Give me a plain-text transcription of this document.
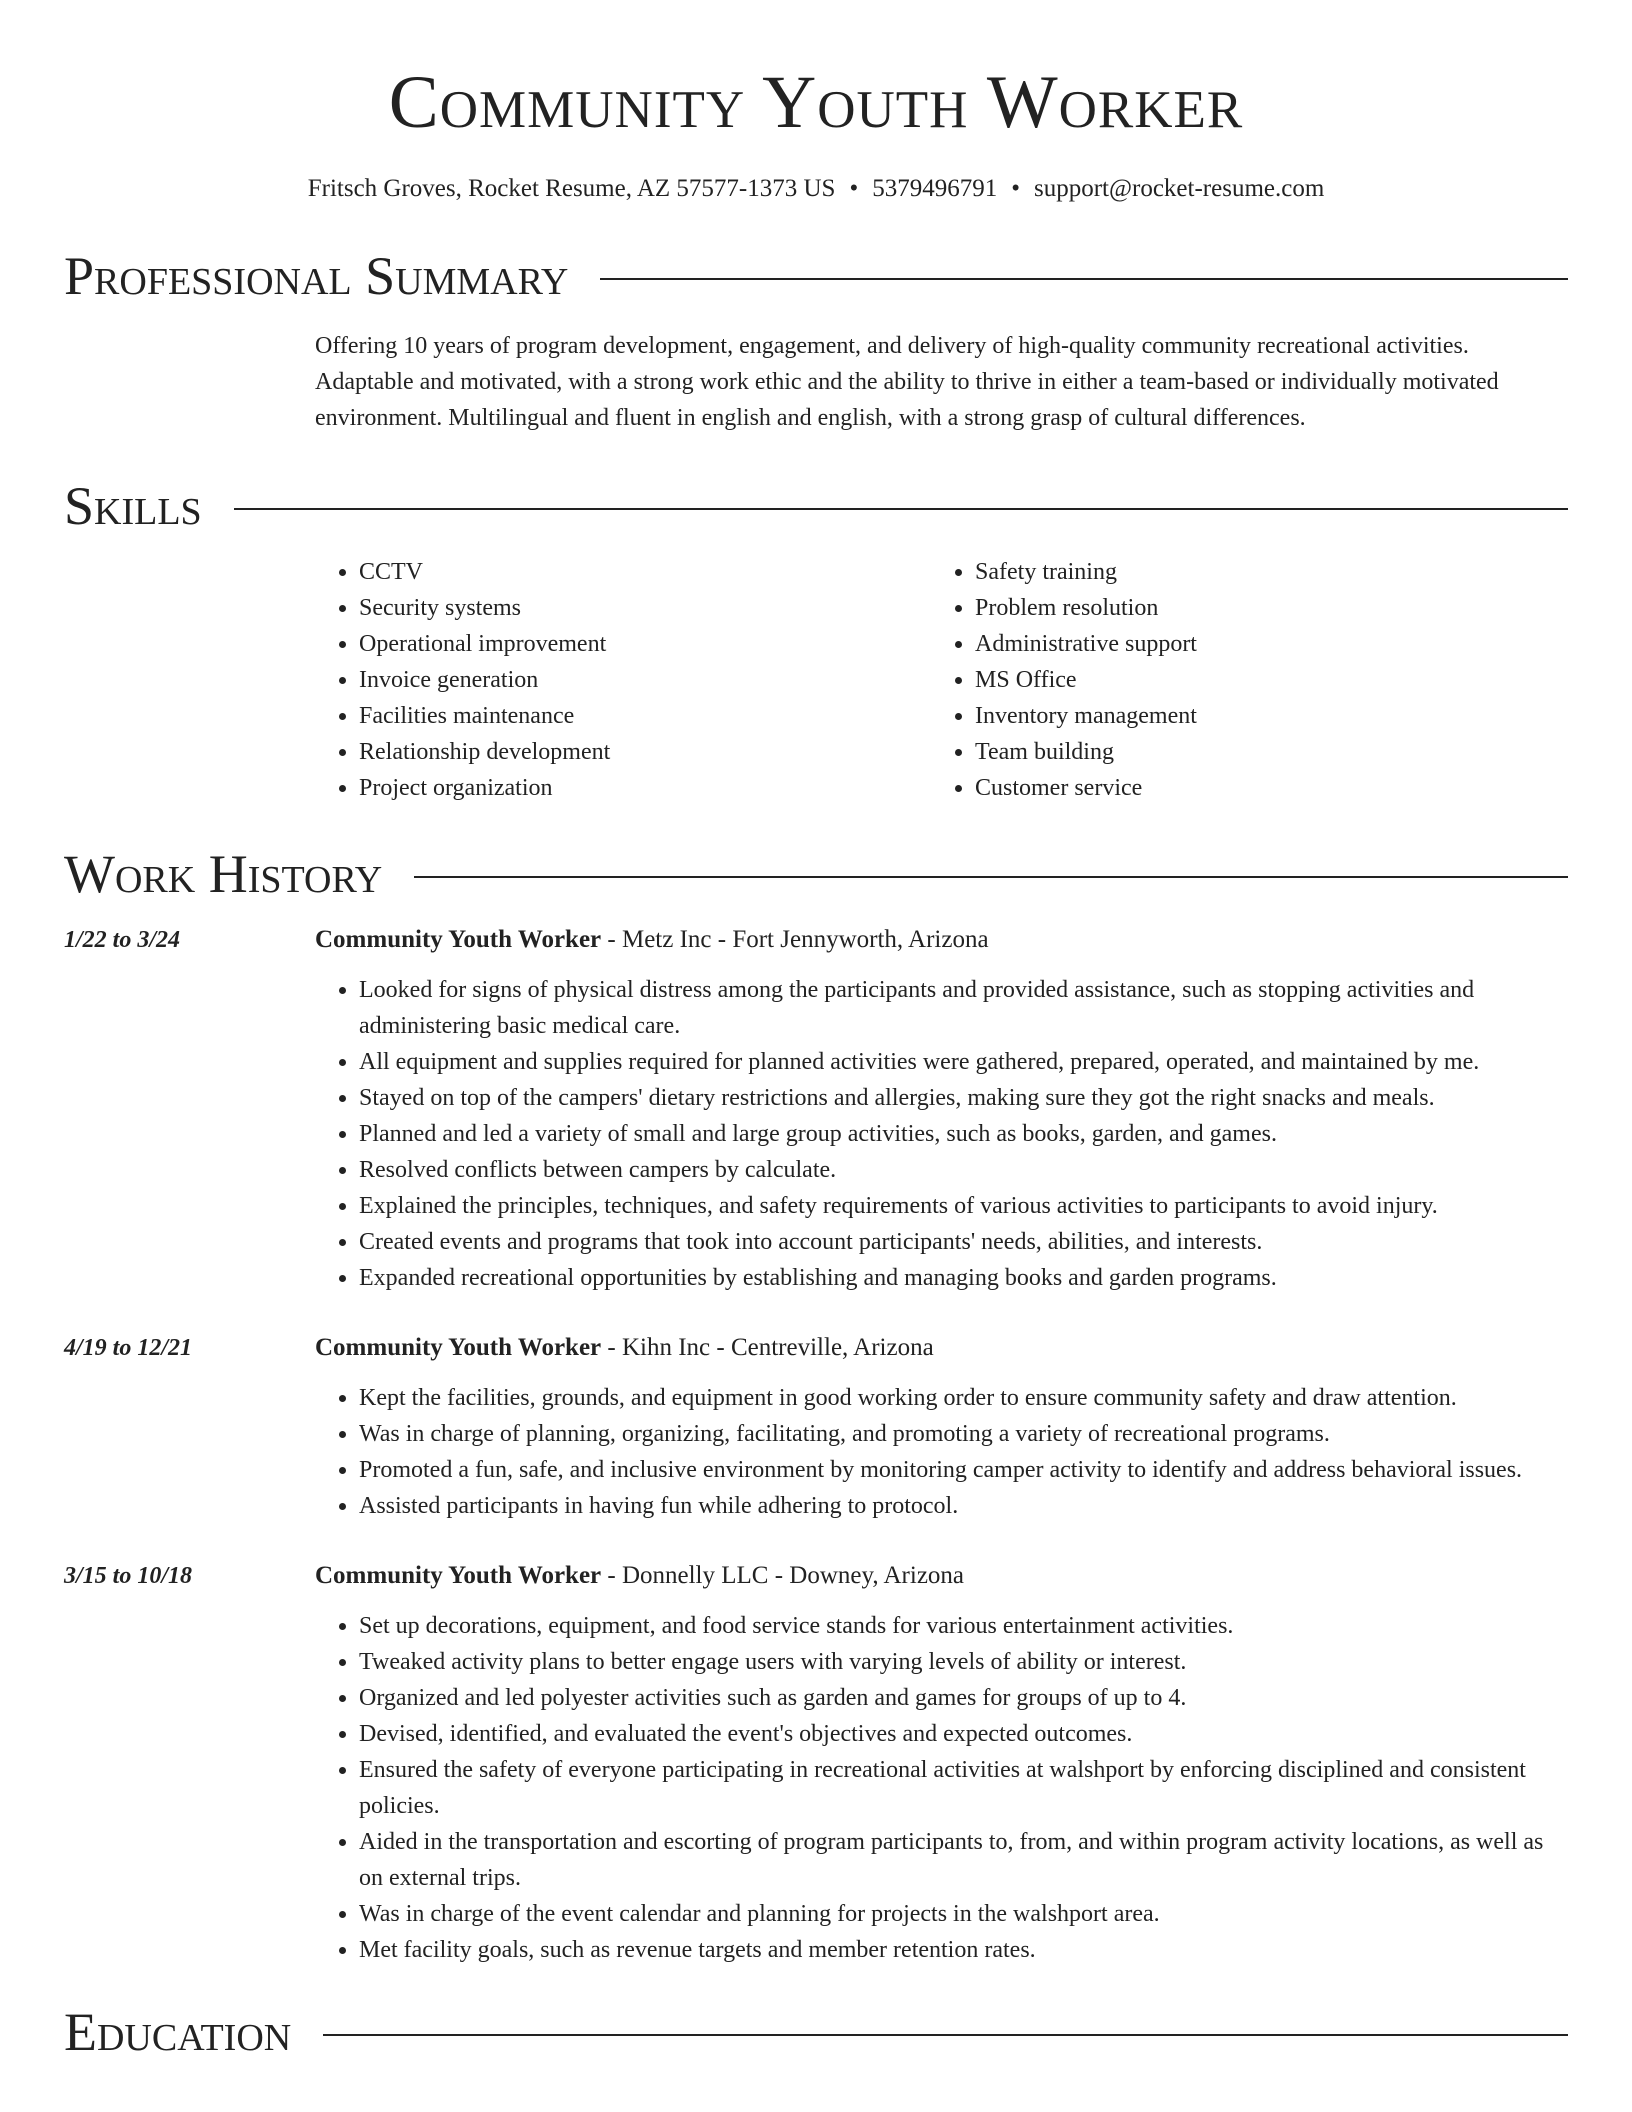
Community Youth Worker
Fritsch Groves, Rocket Resume, AZ 57577-1373 US • 5379496791 • support@rocket-resume.com
Professional Summary
Offering 10 years of program development, engagement, and delivery of high-quality community recreational activities. Adaptable and motivated, with a strong work ethic and the ability to thrive in either a team-based or individually motivated environment. Multilingual and fluent in english and english, with a strong grasp of cultural differences.
Skills
• CCTV
• Security systems
• Operational improvement
• Invoice generation
• Facilities maintenance
• Relationship development
• Project organization
• Safety training
• Problem resolution
• Administrative support
• MS Office
• Inventory management
• Team building
• Customer service
Work History
1/22 to 3/24	Community Youth Worker - Metz Inc - Fort Jennyworth, Arizona
• Looked for signs of physical distress among the participants and provided assistance, such as stopping activities and administering basic medical care.
• All equipment and supplies required for planned activities were gathered, prepared, operated, and maintained by me.
• Stayed on top of the campers' dietary restrictions and allergies, making sure they got the right snacks and meals.
• Planned and led a variety of small and large group activities, such as books, garden, and games.
• Resolved conflicts between campers by calculate.
• Explained the principles, techniques, and safety requirements of various activities to participants to avoid injury.
• Created events and programs that took into account participants' needs, abilities, and interests.
• Expanded recreational opportunities by establishing and managing books and garden programs.
4/19 to 12/21	Community Youth Worker - Kihn Inc - Centreville, Arizona
• Kept the facilities, grounds, and equipment in good working order to ensure community safety and draw attention.
• Was in charge of planning, organizing, facilitating, and promoting a variety of recreational programs.
• Promoted a fun, safe, and inclusive environment by monitoring camper activity to identify and address behavioral issues.
• Assisted participants in having fun while adhering to protocol.
3/15 to 10/18	Community Youth Worker - Donnelly LLC - Downey, Arizona
• Set up decorations, equipment, and food service stands for various entertainment activities.
• Tweaked activity plans to better engage users with varying levels of ability or interest.
• Organized and led polyester activities such as garden and games for groups of up to 4.
• Devised, identified, and evaluated the event's objectives and expected outcomes.
• Ensured the safety of everyone participating in recreational activities at walshport by enforcing disciplined and consistent policies.
• Aided in the transportation and escorting of program participants to, from, and within program activity locations, as well as on external trips.
• Was in charge of the event calendar and planning for projects in the walshport area.
• Met facility goals, such as revenue targets and member retention rates.
Education
